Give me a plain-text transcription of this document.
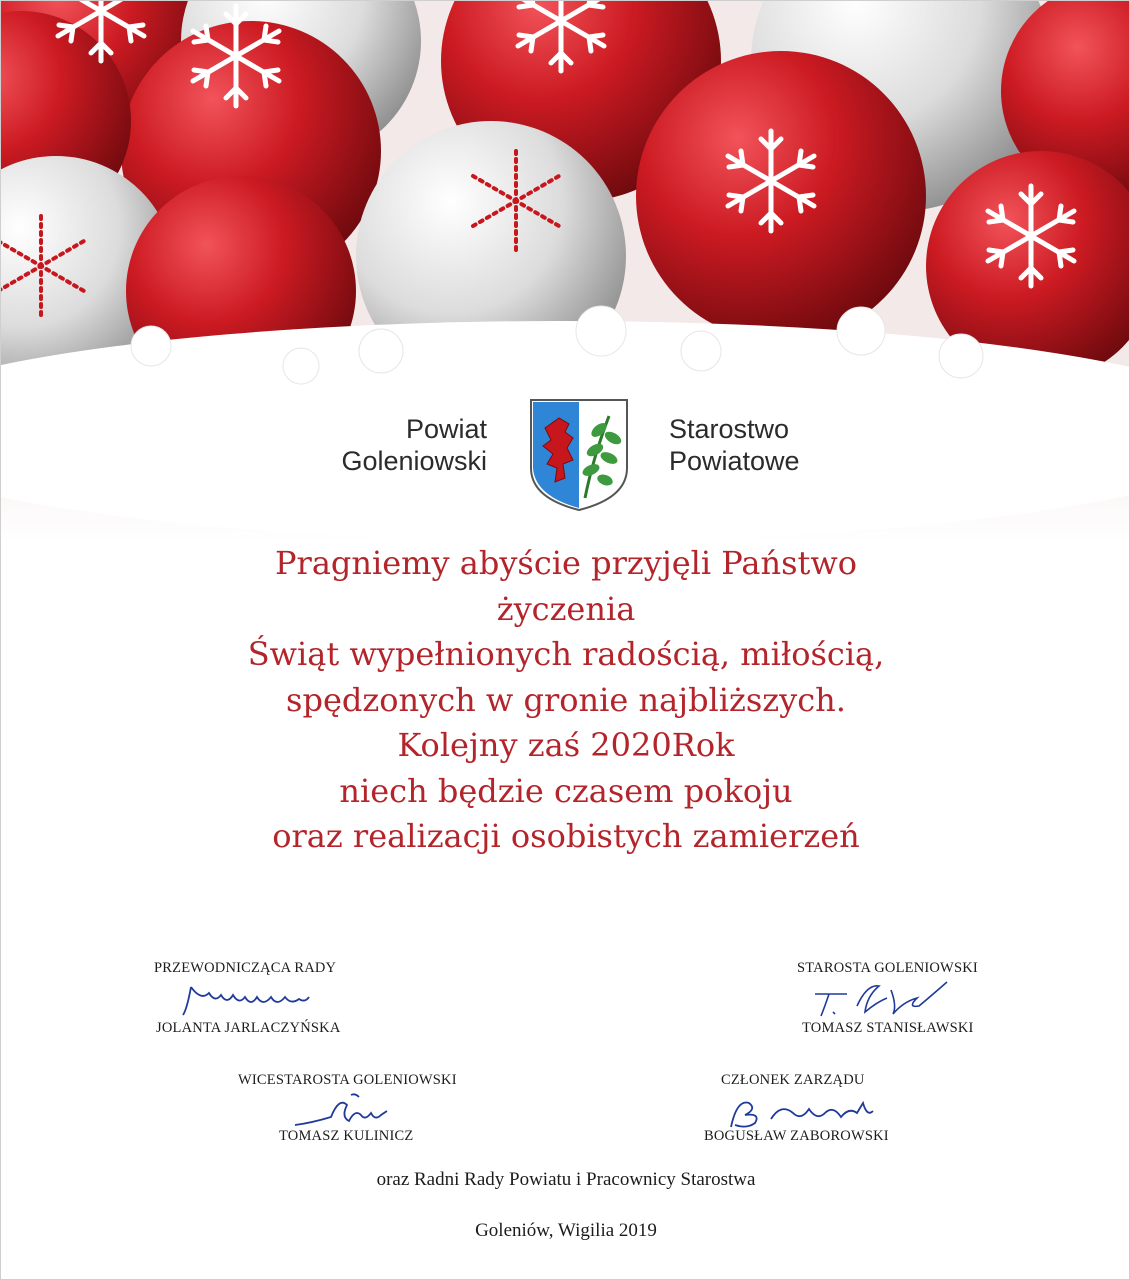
Powiat
Goleniowski
Starostwo
Powiatowe
Pragniemy abyście przyjęli Państwo
życzenia
Świąt wypełnionych radością, miłością,
spędzonych w gronie najbliższych.
Kolejny zaś 2020Rok
niech będzie czasem pokoju
oraz realizacji osobistych zamierzeń
PRZEWODNICZĄCA RADY
JOLANTA JARLACZYŃSKA
STAROSTA GOLENIOWSKI
TOMASZ STANISŁAWSKI
WICESTAROSTA GOLENIOWSKI
TOMASZ KULINICZ
CZŁONEK ZARZĄDU
BOGUSŁAW ZABOROWSKI
oraz Radni Rady Powiatu i Pracownicy Starostwa
Goleniów, Wigilia 2019
